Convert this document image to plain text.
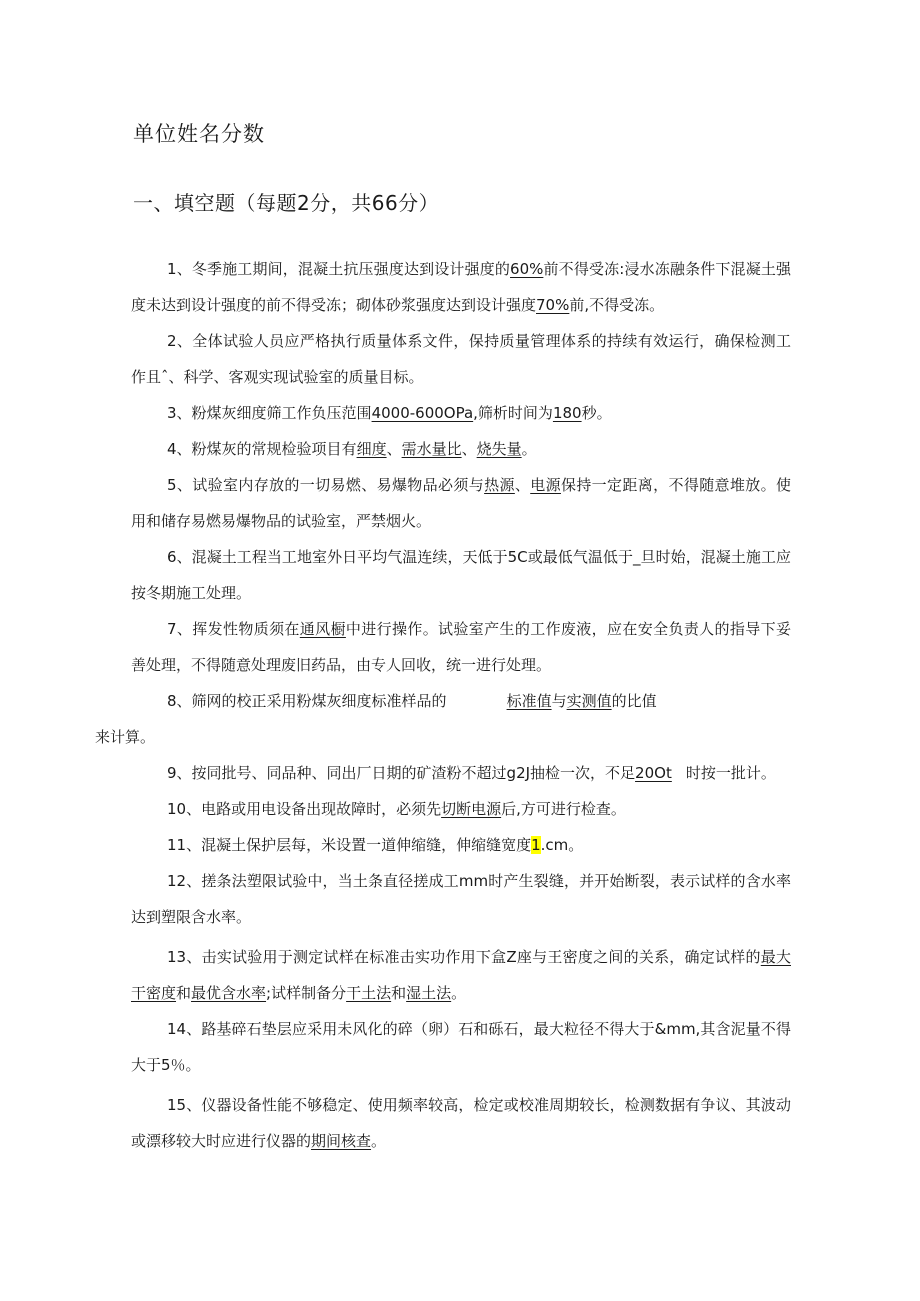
单位姓名分数
一、填空题（每题2分，共66分）

1、冬季施工期间，混凝土抗压强度达到设计强度的60%前不得受冻:浸水冻融条件下混凝土强度未达到设计强度的前不得受冻；砌体砂浆强度达到设计强度70%前,不得受冻。

2、全体试验人员应严格执行质量体系文件，保持质量管理体系的持续有效运行，确保检测工作且ˆ、科学、客观实现试验室的质量目标。

3、粉煤灰细度筛工作负压范围4000-600OPa,筛析时间为180秒。

4、粉煤灰的常规检验项目有细度、需水量比、烧失量。

5、试验室内存放的一切易燃、易爆物品必须与热源、电源保持一定距离，不得随意堆放。使用和储存易燃易爆物品的试验室，严禁烟火。

6、混凝土工程当工地室外日平均气温连续，天低于5C或最低气温低于_旦时始，混凝土施工应按冬期施工处理。

7、挥发性物质须在通风橱中进行操作。试验室产生的工作废液，应在安全负责人的指导下妥善处理，不得随意处理废旧药品，由专人回收，统一进行处理。

8、筛网的校正采用粉煤灰细度标准样品的	标准值与实测值的比值
来计算。

9、按同批号、同品种、同出厂日期的矿渣粉不超过g2J抽检一次，不足20Ot 时按一批计。

10、电路或用电设备出现故障时，必须先切断电源后,方可进行检查。

11、混凝土保护层每，米设置一道伸缩缝，伸缩缝宽度1.cm。

12、搓条法塑限试验中，当土条直径搓成工mm时产生裂缝，并开始断裂，表示试样的含水率达到塑限含水率。

13、击实试验用于测定试样在标准击实功作用下盒Z座与王密度之间的关系，确定试样的最大干密度和最优含水率;试样制备分干土法和湿土法。

14、路基碎石垫层应采用未风化的碎（卵）石和砾石，最大粒径不得大于&mm,其含泥量不得大于5％。

15、仪器设备性能不够稳定、使用频率较高，检定或校准周期较长，检测数据有争议、其波动或漂移较大时应进行仪器的期间核查。
